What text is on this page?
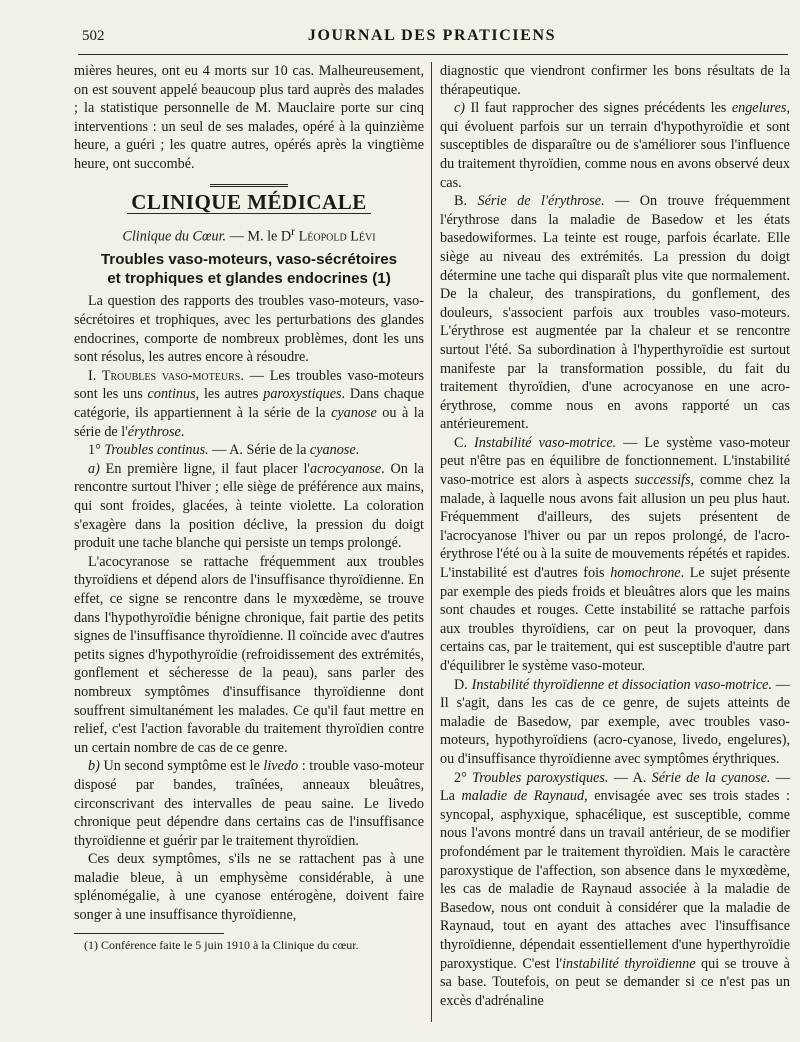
502	JOURNAL DES PRATICIENS

mières heures, ont eu 4 morts sur 10 cas. Malheureusement, on est souvent appelé beaucoup plus tard auprès des malades ; la statistique personnelle de M. Mauclaire porte sur cinq interventions : un seul de ses malades, opéré à la quinzième heure, a guéri ; les quatre autres, opérés après la vingtième heure, ont succombé.

CLINIQUE MÉDICALE
Clinique du Cœur. — M. le $D^r$ Léopold Lévi
Troubles vaso-moteurs, vaso-sécrétoires
et trophiques et glandes endocrines (1)

La question des rapports des troubles vaso-moteurs, vaso-sécrétoires et trophiques, avec les perturbations des glandes endocrines, comporte de nombreux problèmes, dont les uns sont résolus, les autres encore à résoudre.

I. Troubles vaso-moteurs. — Les troubles vaso-moteurs sont les uns continus, les autres paroxystiques. Dans chaque catégorie, ils appartiennent à la série de la cyanose ou à la série de l'érythrose.

1° Troubles continus. — A. Série de la cyanose.

a) En première ligne, il faut placer l'acrocyanose. On la rencontre surtout l'hiver ; elle siège de préférence aux mains, qui sont froides, glacées, à teinte violette. La coloration s'exagère dans la position déclive, la pression du doigt produit une tache blanche qui persiste un temps prolongé.

L'acocyranose se rattache fréquemment aux troubles thyroïdiens et dépend alors de l'insuffisance thyroïdienne. En effet, ce signe se rencontre dans le myxœdème, se trouve dans l'hypothyroïdie bénigne chronique, fait partie des petits signes de l'insuffisance thyroïdienne. Il coïncide avec d'autres petits signes d'hypothyroïdie (refroidissement des extrémités, gonflement et sécheresse de la peau), sans parler des nombreux symptômes d'insuffisance thyroïdienne dont souffrent simultanément les malades. Ce qu'il faut mettre en relief, c'est l'action favorable du traitement thyroïdien contre un certain nombre de cas de ce genre.

b) Un second symptôme est le livedo : trouble vaso-moteur disposé par bandes, traînées, anneaux bleuâtres, circonscrivant des intervalles de peau saine. Le livedo chronique peut dépendre dans certains cas de l'insuffisance thyroïdienne et guérir par le traitement thyroïdien.

Ces deux symptômes, s'ils ne se rattachent pas à une maladie bleue, à un emphysème considérable, à une splénomégalie, à une cyanose entérogène, doivent faire songer à une insuffisance thyroïdienne,

(1) Conférence faite le 5 juin 1910 à la Clinique du cœur.

diagnostic que viendront confirmer les bons résultats de la thérapeutique.

c) Il faut rapprocher des signes précédents les engelures, qui évoluent parfois sur un terrain d'hypothyroïdie et sont susceptibles de disparaître ou de s'améliorer sous l'influence du traitement thyroïdien, comme nous en avons observé deux cas.

B. Série de l'érythrose. — On trouve fréquemment l'érythrose dans la maladie de Basedow et les états basedowiformes. La teinte est rouge, parfois écarlate. Elle siège au niveau des extrémités. La pression du doigt détermine une tache qui disparaît plus vite que normalement. De la chaleur, des transpirations, du gonflement, des douleurs, s'associent parfois aux troubles vaso-moteurs. L'érythrose est augmentée par la chaleur et se rencontre surtout l'été. Sa subordination à l'hyperthyroïdie est surtout manifeste par la transformation possible, du fait du traitement thyroïdien, d'une acrocyanose en une acro-érythrose, comme nous en avons rapporté un cas antérieurement.

C. Instabilité vaso-motrice. — Le système vaso-moteur peut n'être pas en équilibre de fonctionnement. L'instabilité vaso-motrice est alors à aspects successifs, comme chez la malade, à laquelle nous avons fait allusion un peu plus haut. Fréquemment d'ailleurs, des sujets présentent de l'acrocyanose l'hiver ou par un repos prolongé, de l'acro-érythrose l'été ou à la suite de mouvements répétés et rapides. L'instabilité est d'autres fois homochrone. Le sujet présente par exemple des pieds froids et bleuâtres alors que les mains sont chaudes et rouges. Cette instabilité se rattache parfois aux troubles thyroïdiens, car on peut la provoquer, dans certains cas, par le traitement, qui est susceptible d'autre part d'équilibrer le système vaso-moteur.

D. Instabilité thyroïdienne et dissociation vaso-motrice. — Il s'agit, dans les cas de ce genre, de sujets atteints de maladie de Basedow, par exemple, avec troubles vaso-moteurs, hypothyroïdiens (acro-cyanose, livedo, engelures), ou d'insuffisance thyroïdienne avec symptômes érythriques.

2° Troubles paroxystiques. — A. Série de la cyanose. — La maladie de Raynaud, envisagée avec ses trois stades : syncopal, asphyxique, sphacélique, est susceptible, comme nous l'avons montré dans un travail antérieur, de se modifier profondément par le traitement thyroïdien. Mais le caractère paroxystique de l'affection, son absence dans le myxœdème, les cas de maladie de Raynaud associée à la maladie de Basedow, nous ont conduit à considérer que la maladie de Raynaud, tout en ayant des attaches avec l'insuffisance thyroïdienne, dépendait essentiellement d'une hyperthyroïdie paroxystique. C'est l'instabilité thyroïdienne qui se trouve à sa base. Toutefois, on peut se demander si ce n'est pas un excès d'adrénaline
